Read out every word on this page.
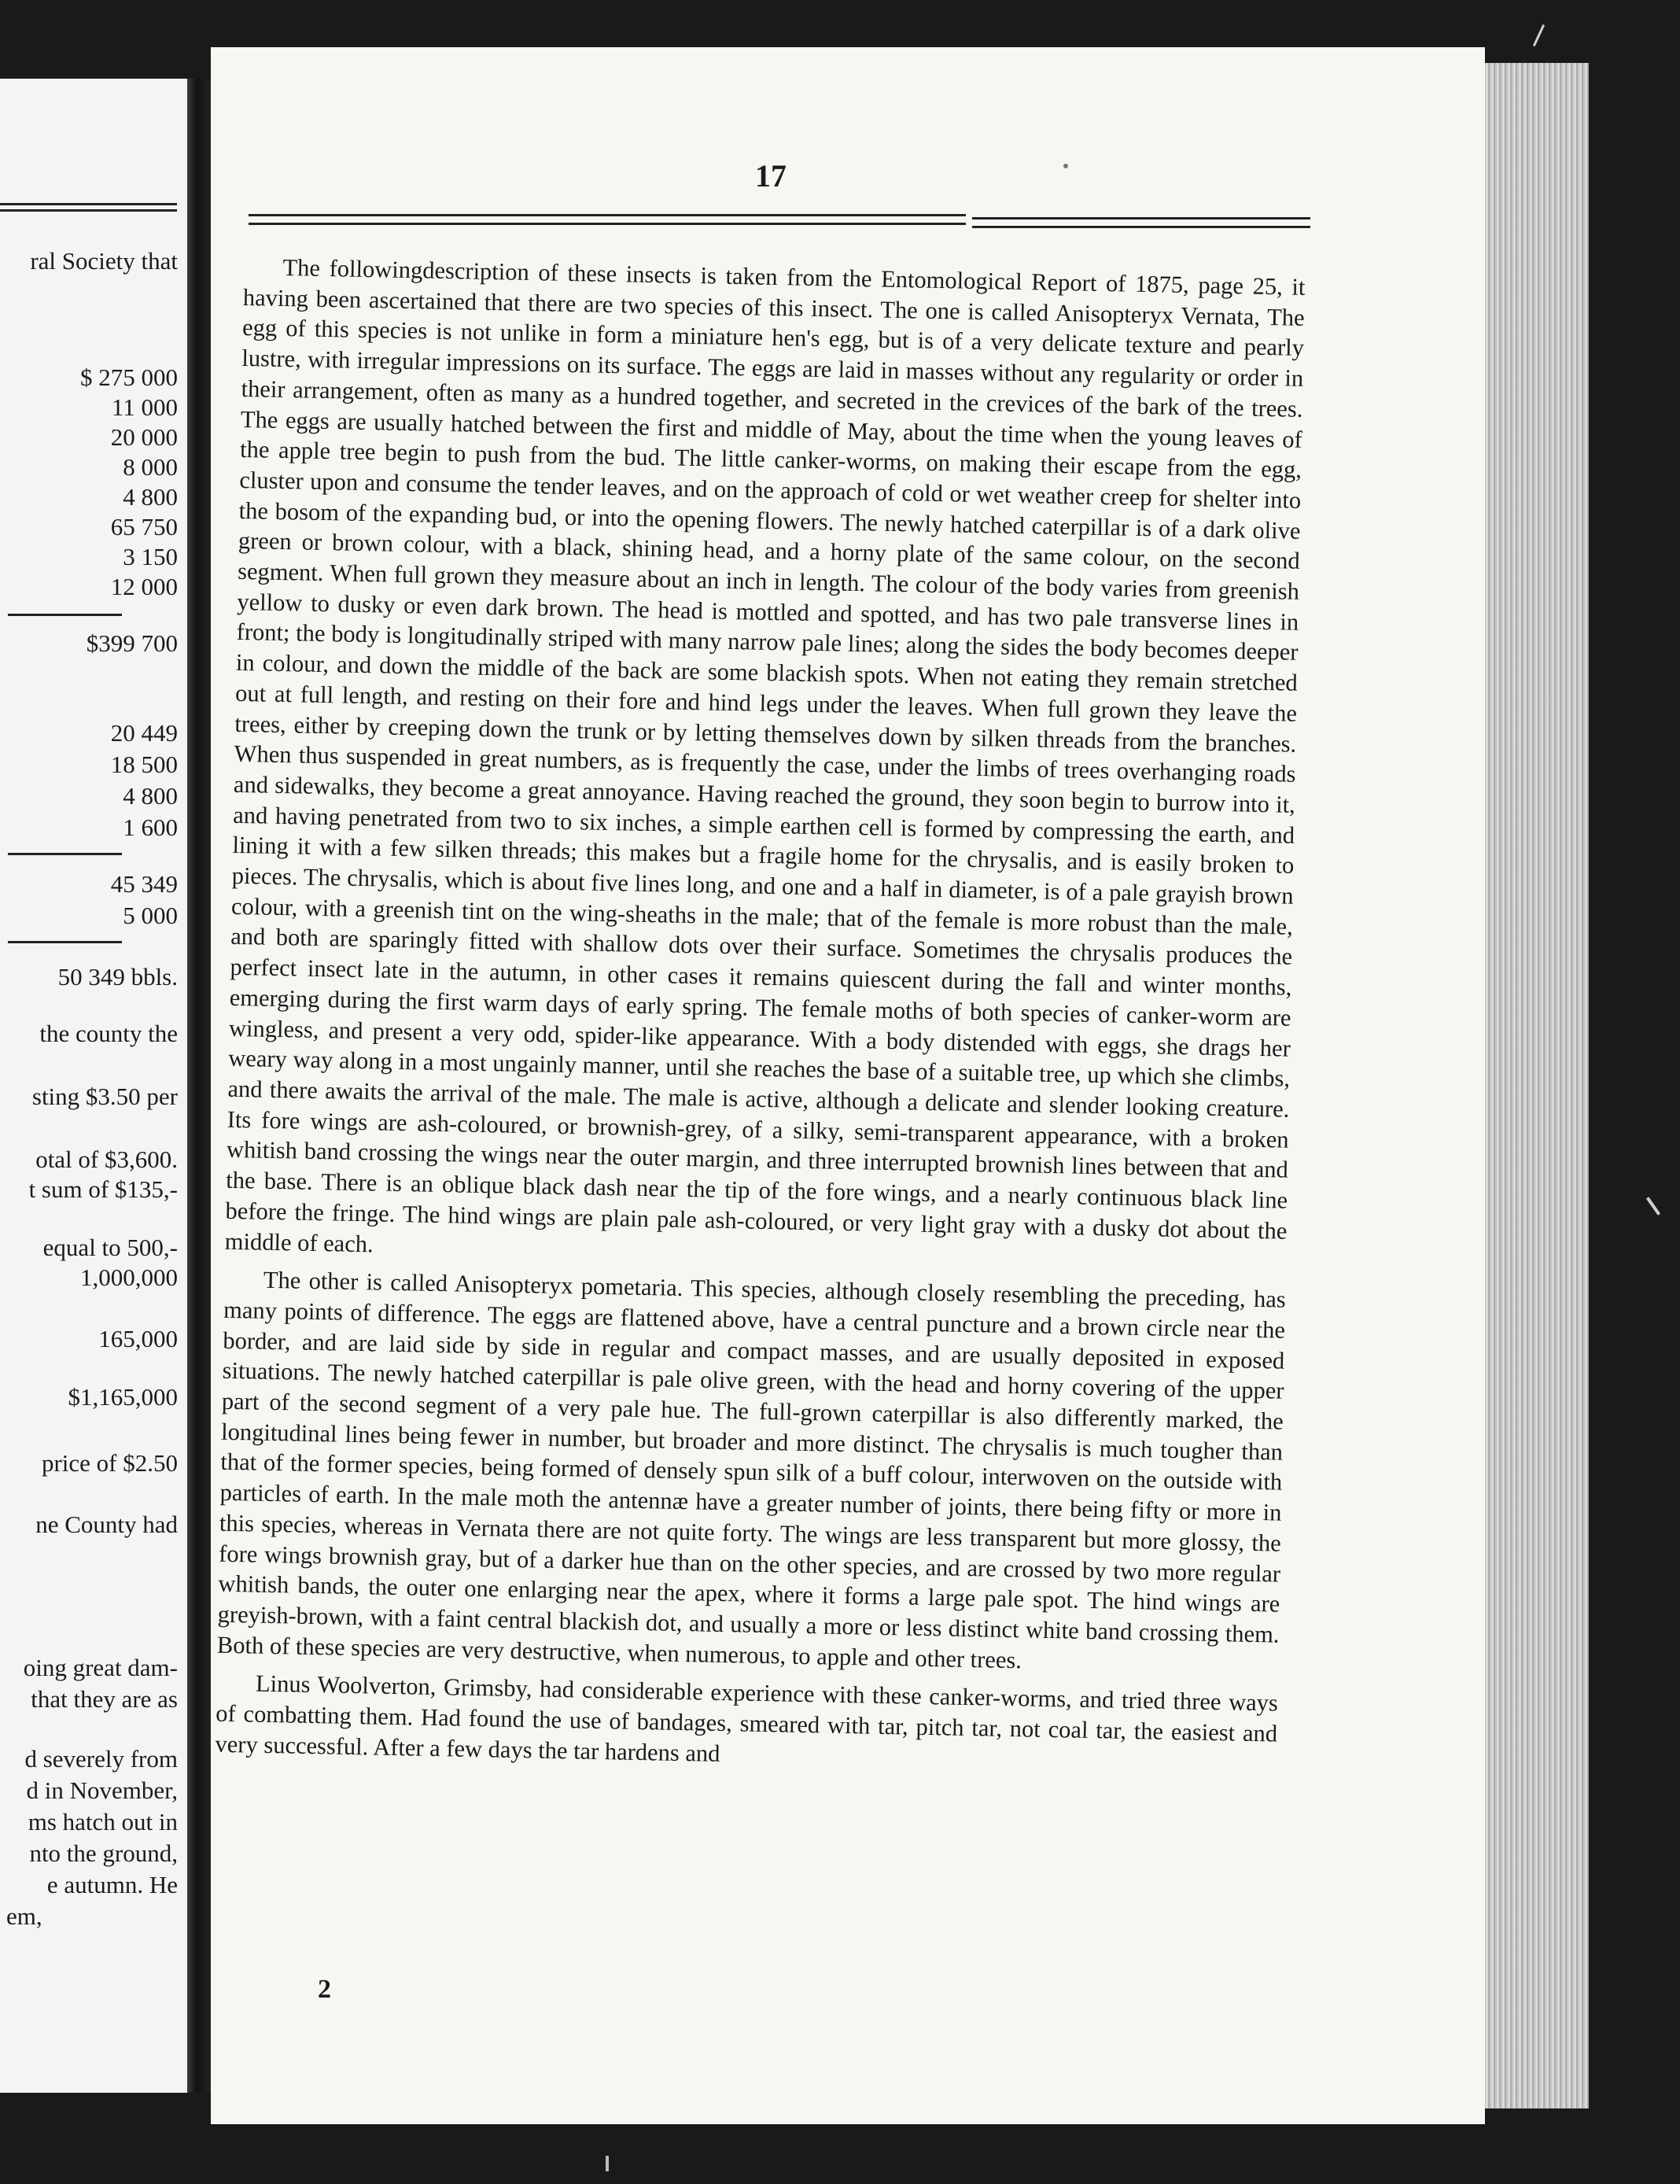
ral Society that
$ 275 000
11 000
20 000
8 000
4 800
65 750
3 150
12 000
$399 700
20 449
18 500
4 800
1 600
45 349
5 000
50 349 bbls.
the county the
sting $3.50 per
otal of $3,600.
t sum of $135,-
equal to 500,-
1,000,000
165,000
$1,165,000
price of $2.50
ne County had
oing great dam-
that they are as
d severely from
d in November,
ms hatch out in
nto the ground,
e autumn. He
em,
17

The followingdescription of these insects is taken from the Entomological Report of 1875, page 25, it having been ascertained that there are two species of this insect. The one is called Anisopteryx Vernata, The egg of this species is not unlike in form a miniature hen's egg, but is of a very delicate texture and pearly lustre, with irregular impressions on its surface. The eggs are laid in masses without any regularity or order in their arrangement, often as many as a hundred together, and secreted in the crevices of the bark of the trees. The eggs are usually hatched between the first and middle of May, about the time when the young leaves of the apple tree begin to push from the bud. The little canker-worms, on making their escape from the egg, cluster upon and consume the tender leaves, and on the approach of cold or wet weather creep for shelter into the bosom of the expanding bud, or into the opening flowers. The newly hatched caterpillar is of a dark olive green or brown colour, with a black, shining head, and a horny plate of the same colour, on the second segment. When full grown they measure about an inch in length. The colour of the body varies from greenish yellow to dusky or even dark brown. The head is mottled and spotted, and has two pale transverse lines in front; the body is longitudinally striped with many narrow pale lines; along the sides the body becomes deeper in colour, and down the middle of the back are some blackish spots. When not eating they remain stretched out at full length, and resting on their fore and hind legs under the leaves. When full grown they leave the trees, either by creeping down the trunk or by letting themselves down by silken threads from the branches. When thus suspended in great numbers, as is frequently the case, under the limbs of trees overhanging roads and sidewalks, they become a great annoyance. Having reached the ground, they soon begin to burrow into it, and having penetrated from two to six inches, a simple earthen cell is formed by compressing the earth, and lining it with a few silken threads; this makes but a fragile home for the chrysalis, and is easily broken to pieces. The chrysalis, which is about five lines long, and one and a half in diameter, is of a pale grayish brown colour, with a greenish tint on the wing-sheaths in the male; that of the female is more robust than the male, and both are sparingly fitted with shallow dots over their surface. Sometimes the chrysalis produces the perfect insect late in the autumn, in other cases it remains quiescent during the fall and winter months, emerging during the first warm days of early spring. The female moths of both species of canker-worm are wingless, and present a very odd, spider-like appearance. With a body distended with eggs, she drags her weary way along in a most ungainly manner, until she reaches the base of a suitable tree, up which she climbs, and there awaits the arrival of the male. The male is active, although a delicate and slender looking creature. Its fore wings are ash-coloured, or brownish-grey, of a silky, semi-transparent appearance, with a broken whitish band crossing the wings near the outer margin, and three interrupted brownish lines between that and the base. There is an oblique black dash near the tip of the fore wings, and a nearly continuous black line before the fringe. The hind wings are plain pale ash-coloured, or very light gray with a dusky dot about the middle of each.

The other is called Anisopteryx pometaria. This species, although closely resembling the preceding, has many points of difference. The eggs are flattened above, have a central puncture and a brown circle near the border, and are laid side by side in regular and compact masses, and are usually deposited in exposed situations. The newly hatched caterpillar is pale olive green, with the head and horny covering of the upper part of the second segment of a very pale hue. The full-grown caterpillar is also differently marked, the longitudinal lines being fewer in number, but broader and more distinct. The chrysalis is much tougher than that of the former species, being formed of densely spun silk of a buff colour, interwoven on the outside with particles of earth. In the male moth the antennæ have a greater number of joints, there being fifty or more in this species, whereas in Vernata there are not quite forty. The wings are less transparent but more glossy, the fore wings brownish gray, but of a darker hue than on the other species, and are crossed by two more regular whitish bands, the outer one enlarging near the apex, where it forms a large pale spot. The hind wings are greyish-brown, with a faint central blackish dot, and usually a more or less distinct white band crossing them. Both of these species are very destructive, when numerous, to apple and other trees.

Linus Woolverton, Grimsby, had considerable experience with these canker-worms, and tried three ways of combatting them. Had found the use of bandages, smeared with tar, pitch tar, not coal tar, the easiest and very successful. After a few days the tar hardens and

2
